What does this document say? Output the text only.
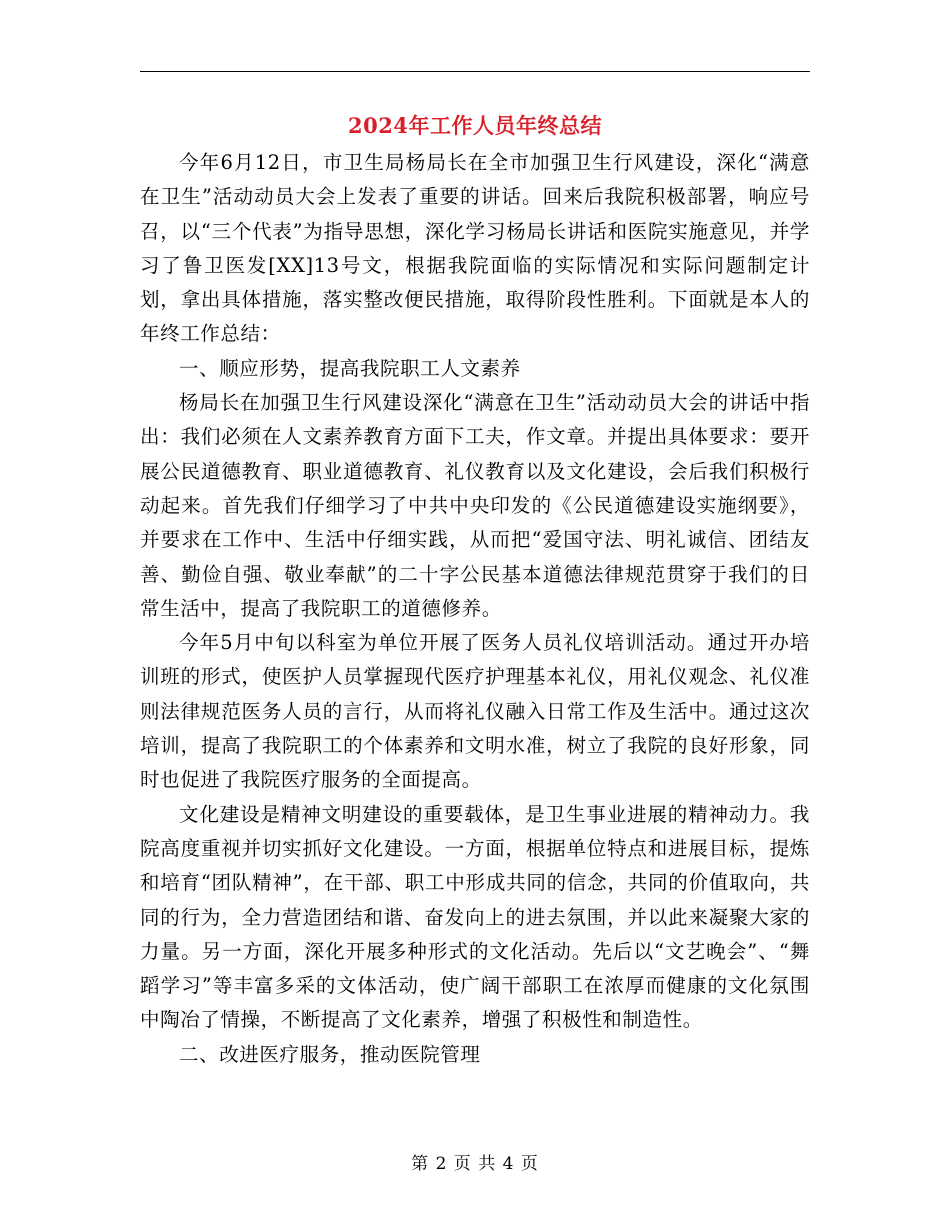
2024年工作人员年终总结

今年6月12日，市卫生局杨局长在全市加强卫生行风建设，深化“满意在卫生”活动动员大会上发表了重要的讲话。回来后我院积极部署，响应号召，以“三个代表”为指导思想，深化学习杨局长讲话和医院实施意见，并学习了鲁卫医发[XX]13号文，根据我院面临的实际情况和实际问题制定计划，拿出具体措施，落实整改便民措施，取得阶段性胜利。下面就是本人的年终工作总结：

一、顺应形势，提高我院职工人文素养

杨局长在加强卫生行风建设深化“满意在卫生”活动动员大会的讲话中指出：我们必须在人文素养教育方面下工夫，作文章。并提出具体要求：要开展公民道德教育、职业道德教育、礼仪教育以及文化建设，会后我们积极行动起来。首先我们仔细学习了中共中央印发的《公民道德建设实施纲要》，并要求在工作中、生活中仔细实践，从而把“爱国守法、明礼诚信、团结友善、勤俭自强、敬业奉献”的二十字公民基本道德法律规范贯穿于我们的日常生活中，提高了我院职工的道德修养。

今年5月中旬以科室为单位开展了医务人员礼仪培训活动。通过开办培训班的形式，使医护人员掌握现代医疗护理基本礼仪，用礼仪观念、礼仪准则法律规范医务人员的言行，从而将礼仪融入日常工作及生活中。通过这次培训，提高了我院职工的个体素养和文明水准，树立了我院的良好形象，同时也促进了我院医疗服务的全面提高。

文化建设是精神文明建设的重要载体，是卫生事业进展的精神动力。我院高度重视并切实抓好文化建设。一方面，根据单位特点和进展目标，提炼和培育“团队精神”，在干部、职工中形成共同的信念，共同的价值取向，共同的行为，全力营造团结和谐、奋发向上的进去氛围，并以此来凝聚大家的力量。另一方面，深化开展多种形式的文化活动。先后以“文艺晚会”、“舞蹈学习”等丰富多采的文体活动，使广阔干部职工在浓厚而健康的文化氛围中陶冶了情操，不断提高了文化素养，增强了积极性和制造性。

二、改进医疗服务，推动医院管理

第 2 页 共 4 页
